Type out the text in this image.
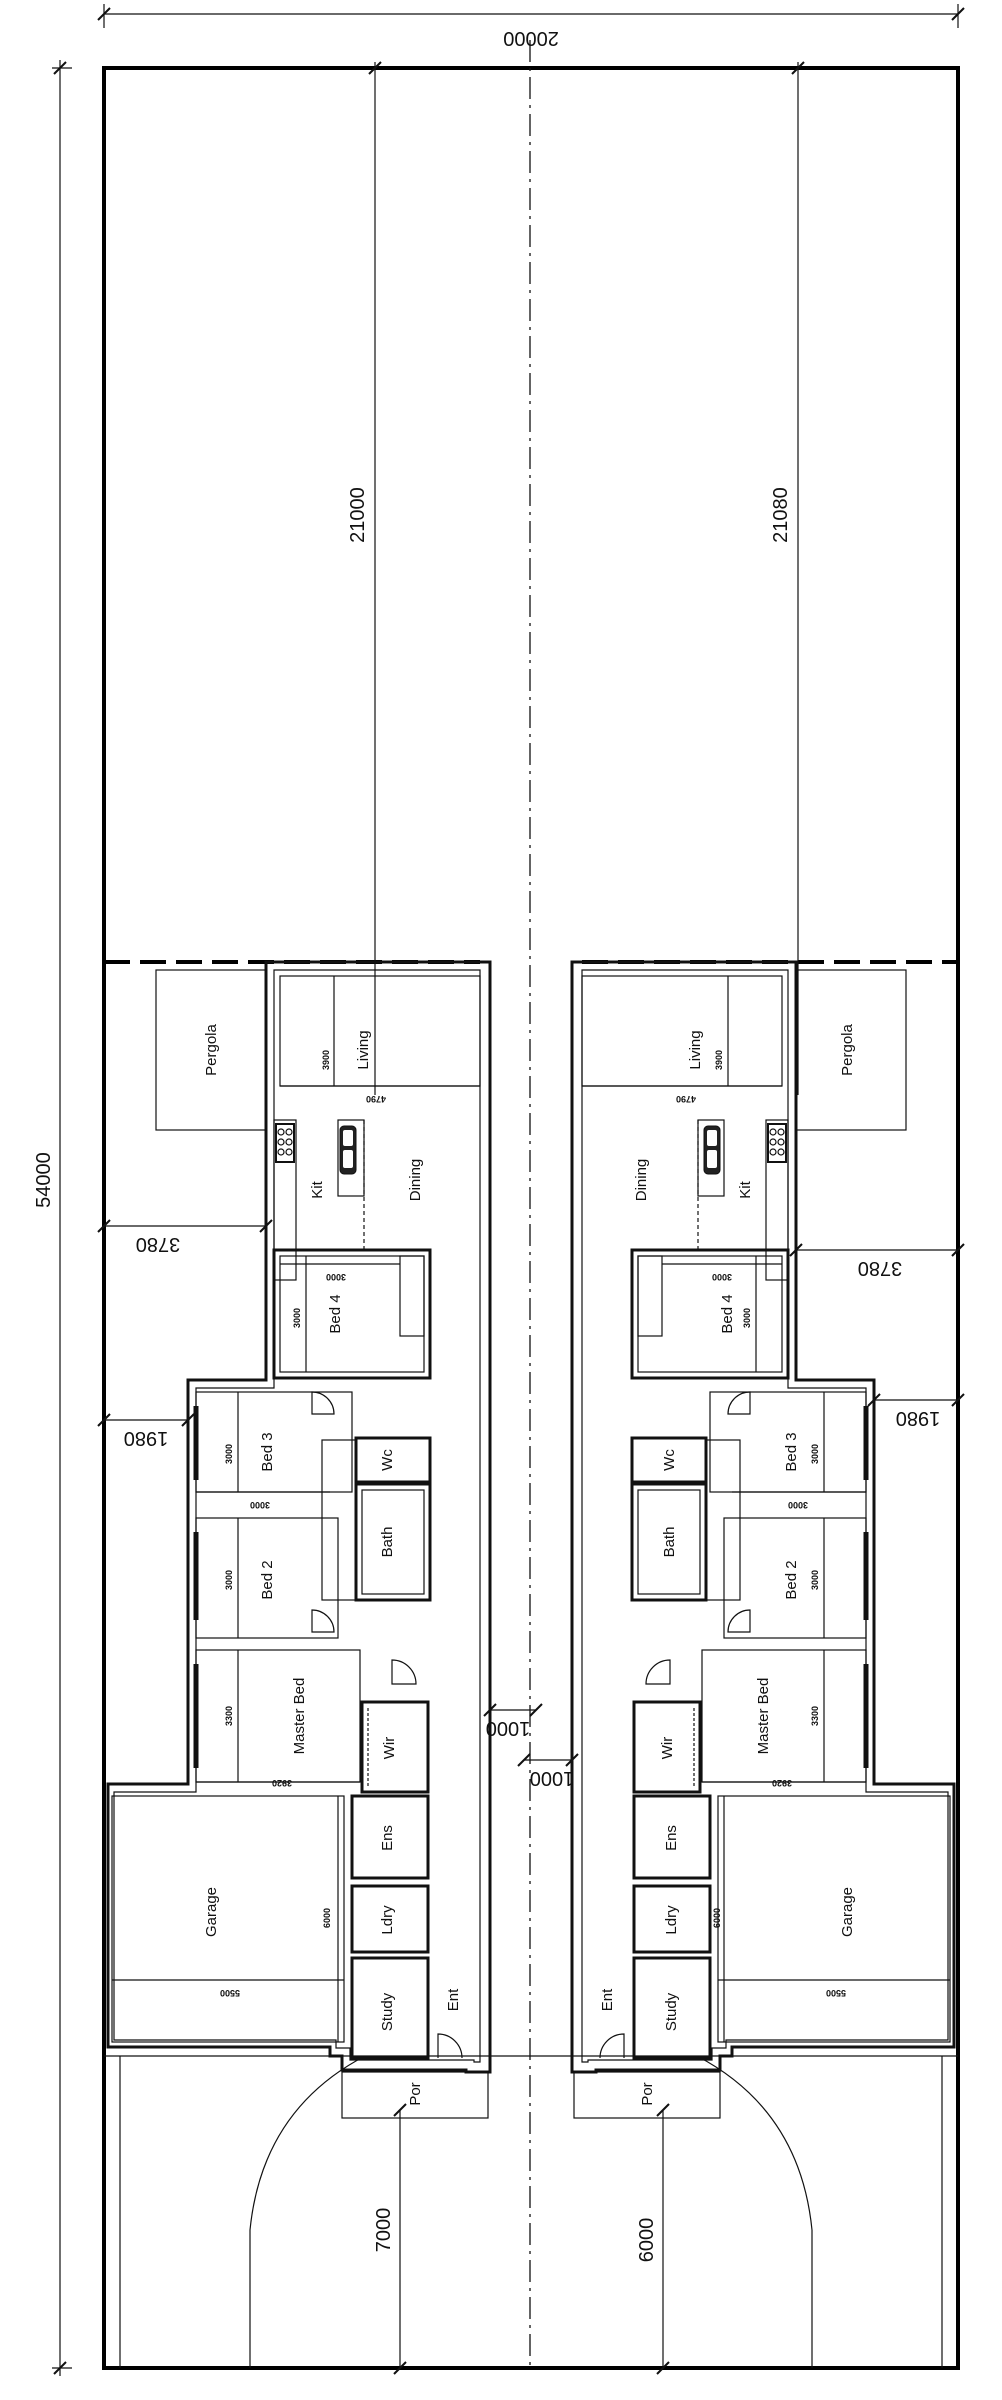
20000
54000
21000	21080
7000	6000
Pergola	Living
3900
4790
Kit	Dining
Bed 4
3000
3000
Bed 3
3000
3000
Wc
Bath
Bed 2
3000
Master Bed
3300
3920
Wir
Ens
Ldry
Study	Ent
Por
Garage	6000
5500
3780
1980
1000
1000
Pergola
Living 3900
4790
Kit
Dining
Bed 4
3000
3000
Bed 3 3000
3000
Wc
Bath
Bed 2 3000
Master Bed	3300
3920
Wir
Ens
Ldry
Study
Ent
Por
Garage
6000
5500
3780
1980
